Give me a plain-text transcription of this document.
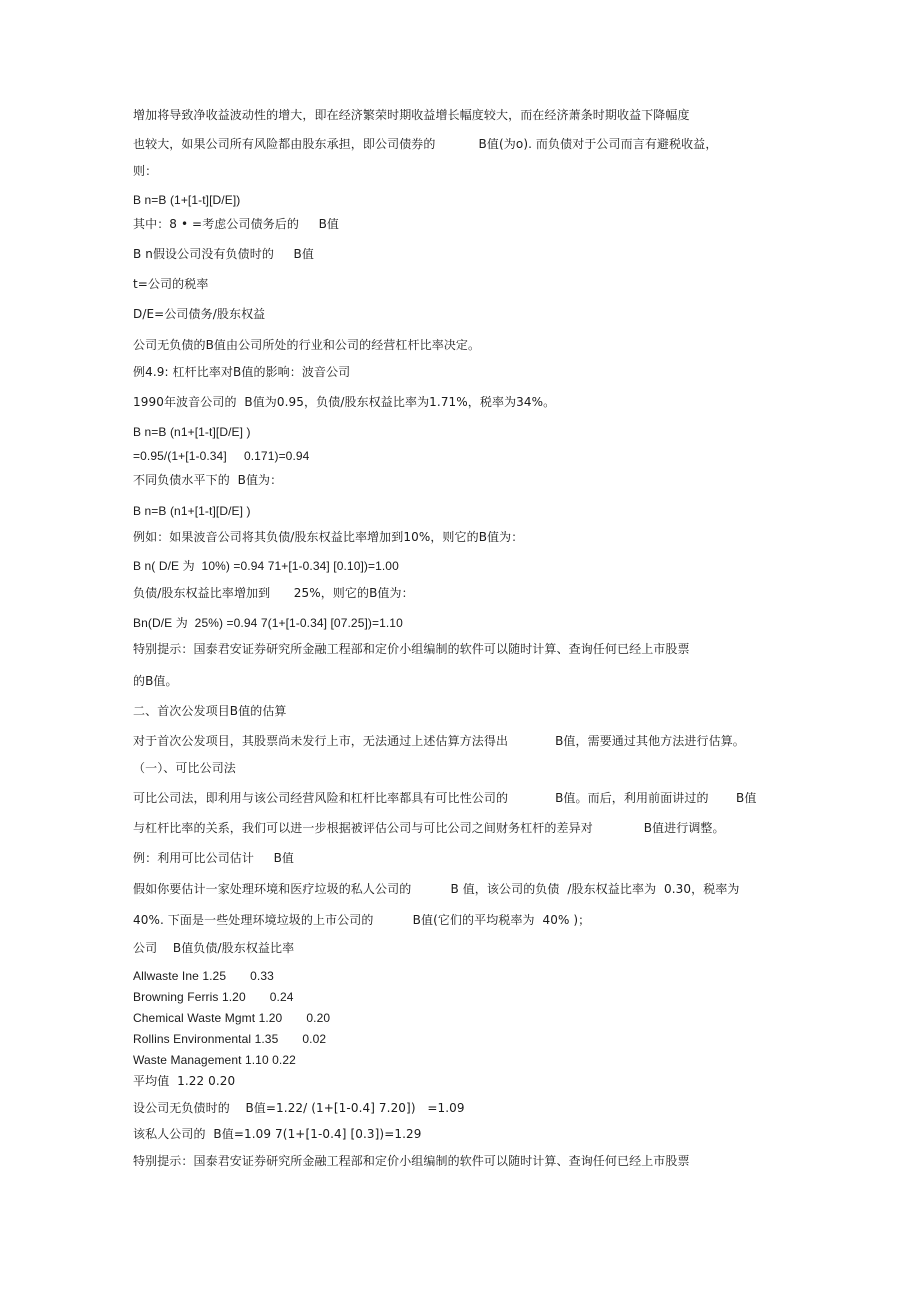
增加将导致净收益波动性的增大，即在经济繁荣时期收益增长幅度较大，而在经济萧条时期收益下降幅度
也较大，如果公司所有风险都由股东承担，即公司债券的           B值(为o). 而负债对于公司而言有避税收益，
则：
B n=B (1+[1-t][D/E])
其中：8 • =考虑公司债务后的     B值
B n假设公司没有负债时的     B值
t=公司的税率
D/E=公司债务/股东权益
公司无负债的B值由公司所处的行业和公司的经营杠杆比率决定。
例4.9: 杠杆比率对B值的影响：波音公司
1990年波音公司的  B值为0.95，负债/股东权益比率为1.71%，税率为34%。
B n=B (n1+[1-t][D/E] )
=0.95/(1+[1-0.34]     0.171)=0.94
不同负债水平下的  B值为：
B n=B (n1+[1-t][D/E] )
例如：如果波音公司将其负债/股东权益比率增加到10%，则它的B值为：
B n( D/E 为  10%) =0.94 71+[1-0.34] [0.10])=1.00
负债/股东权益比率增加到      25%，则它的B值为：
Bn(D/E 为  25%) =0.94 7(1+[1-0.34] [07.25])=1.10
特别提示：国泰君安证券研究所金融工程部和定价小组编制的软件可以随时计算、查询任何已经上市股票
的B值。
二、首次公发项目B值的估算
对于首次公发项目，其股票尚未发行上市，无法通过上述估算方法得出            B值，需要通过其他方法进行估算。
（一）、可比公司法
可比公司法，即利用与该公司经营风险和杠杆比率都具有可比性公司的            B值。而后，利用前面讲过的       B值
与杠杆比率的关系，我们可以进一步根据被评估公司与可比公司之间财务杠杆的差异对             B值进行调整。
例：利用可比公司估计     B值
假如你要估计一家处理环境和医疗垃圾的私人公司的          B 值，该公司的负债  /股东权益比率为  0.30，税率为
40%. 下面是一些处理环境垃圾的上市公司的          B值(它们的平均税率为  40% )；
公司    B值负债/股东权益比率
Allwaste Ine 1.25       0.33
Browning Ferris 1.20       0.24
Chemical Waste Mgmt 1.20       0.20
Rollins Environmental 1.35       0.02
Waste Management 1.10 0.22
平均值  1.22 0.20
设公司无负债时的    B值=1.22/ (1+[1-0.4] 7.20])   =1.09
该私人公司的  B值=1.09 7(1+[1-0.4] [0.3])=1.29
特别提示：国泰君安证券研究所金融工程部和定价小组编制的软件可以随时计算、查询任何已经上市股票
